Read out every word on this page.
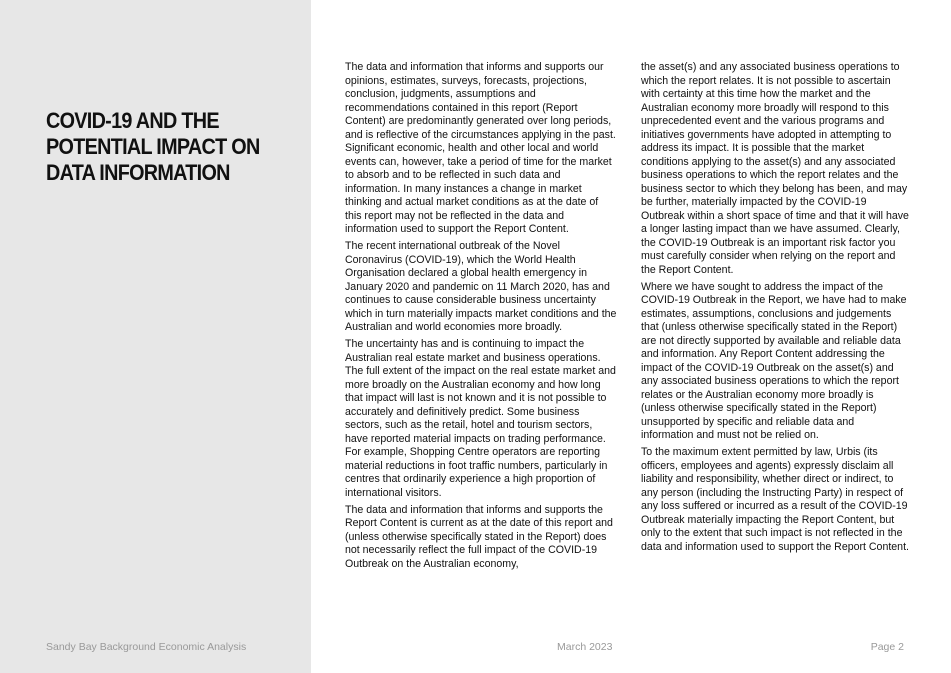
COVID-19 AND THE POTENTIAL IMPACT ON DATA INFORMATION

The data and information that informs and supports our opinions, estimates, surveys, forecasts, projections, conclusion, judgments, assumptions and recommendations contained in this report (Report Content) are predominantly generated over long periods, and is reflective of the circumstances applying in the past. Significant economic, health and other local and world events can, however, take a period of time for the market to absorb and to be reflected in such data and information. In many instances a change in market thinking and actual market conditions as at the date of this report may not be reflected in the data and information used to support the Report Content.

The recent international outbreak of the Novel Coronavirus (COVID-19), which the World Health Organisation declared a global health emergency in January 2020 and pandemic on 11 March 2020, has and continues to cause considerable business uncertainty which in turn materially impacts market conditions and the Australian and world economies more broadly.

The uncertainty has and is continuing to impact the Australian real estate market and business operations. The full extent of the impact on the real estate market and more broadly on the Australian economy and how long that impact will last is not known and it is not possible to accurately and definitively predict. Some business sectors, such as the retail, hotel and tourism sectors, have reported material impacts on trading performance. For example, Shopping Centre operators are reporting material reductions in foot traffic numbers, particularly in centres that ordinarily experience a high proportion of international visitors.

The data and information that informs and supports the Report Content is current as at the date of this report and (unless otherwise specifically stated in the Report) does not necessarily reflect the full impact of the COVID-19 Outbreak on the Australian economy,

the asset(s) and any associated business operations to which the report relates. It is not possible to ascertain with certainty at this time how the market and the Australian economy more broadly will respond to this unprecedented event and the various programs and initiatives governments have adopted in attempting to address its impact. It is possible that the market conditions applying to the asset(s) and any associated business operations to which the report relates and the business sector to which they belong has been, and may be further, materially impacted by the COVID-19 Outbreak within a short space of time and that it will have a longer lasting impact than we have assumed. Clearly, the COVID-19 Outbreak is an important risk factor you must carefully consider when relying on the report and the Report Content.

Where we have sought to address the impact of the COVID-19 Outbreak in the Report, we have had to make estimates, assumptions, conclusions and judgements that (unless otherwise specifically stated in the Report) are not directly supported by available and reliable data and information. Any Report Content addressing the impact of the COVID-19 Outbreak on the asset(s) and any associated business operations to which the report relates or the Australian economy more broadly is (unless otherwise specifically stated in the Report) unsupported by specific and reliable data and information and must not be relied on.

To the maximum extent permitted by law, Urbis (its officers, employees and agents) expressly disclaim all liability and responsibility, whether direct or indirect, to any person (including the Instructing Party) in respect of any loss suffered or incurred as a result of the COVID-19 Outbreak materially impacting the Report Content, but only to the extent that such impact is not reflected in the data and information used to support the Report Content.

Sandy Bay Background Economic Analysis	March 2023	Page 2
